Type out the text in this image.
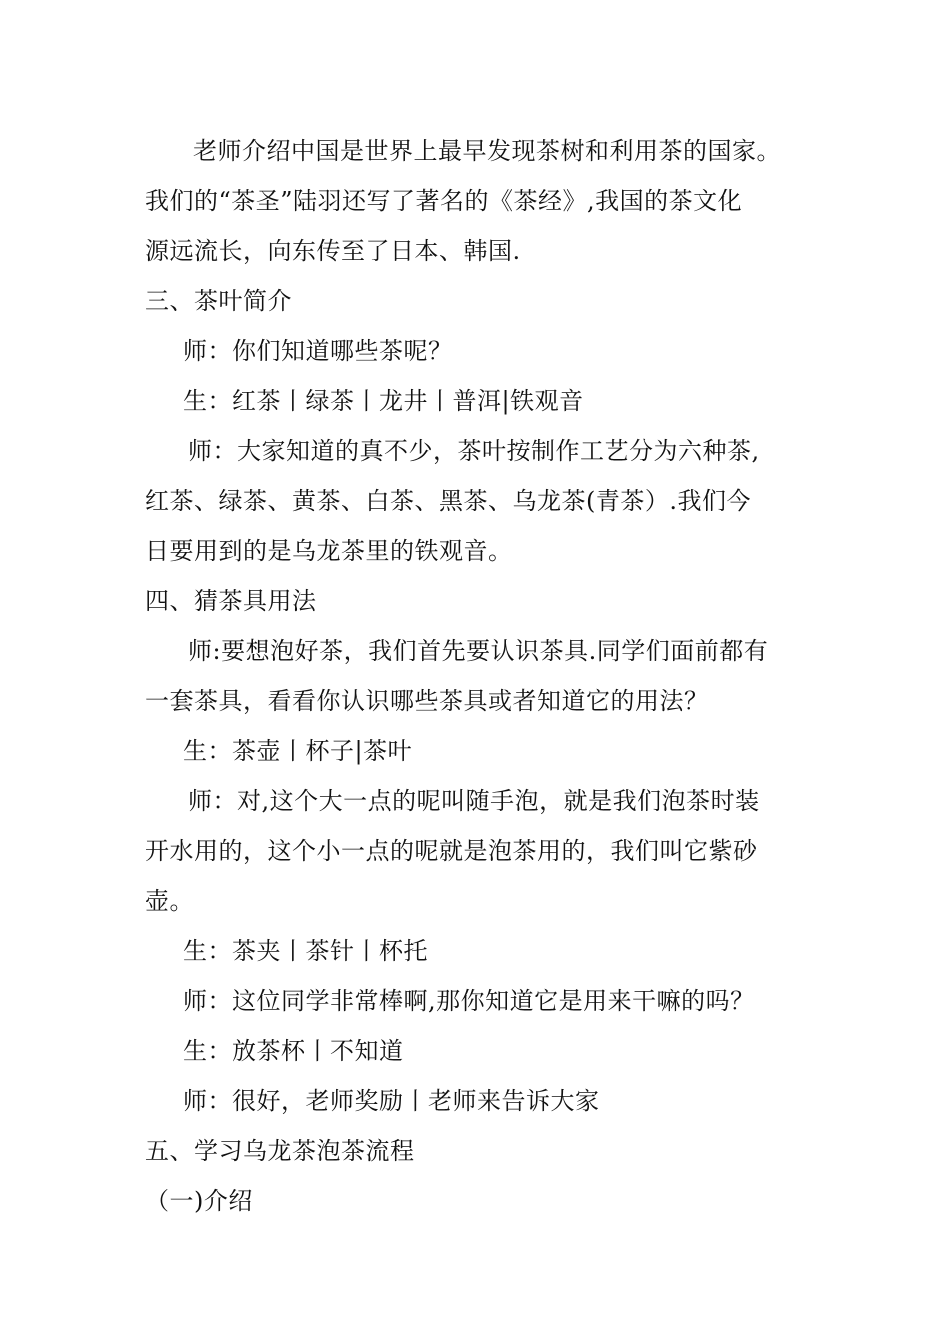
老师介绍中国是世界上最早发现茶树和利用茶的国家。
我们的“茶圣”陆羽还写了著名的《茶经》,我国的茶文化
源远流长，向东传至了日本、韩国.
三、茶叶简介
师：你们知道哪些茶呢？
生：红茶丨绿茶丨龙井丨普洱|铁观音
师：大家知道的真不少，茶叶按制作工艺分为六种茶,
红茶、绿茶、黄茶、白茶、黑茶、乌龙茶(青茶）.我们今
日要用到的是乌龙茶里的铁观音。
四、猜茶具用法
师:要想泡好茶，我们首先要认识茶具.同学们面前都有
一套茶具，看看你认识哪些茶具或者知道它的用法？
生：茶壶丨杯子|茶叶
师：对,这个大一点的呢叫随手泡，就是我们泡茶时装
开水用的，这个小一点的呢就是泡茶用的，我们叫它紫砂
壶。
生：茶夹丨茶针丨杯托
师：这位同学非常棒啊,那你知道它是用来干嘛的吗？
生：放茶杯丨不知道
师：很好，老师奖励丨老师来告诉大家
五、学习乌龙茶泡茶流程
（一)介绍
